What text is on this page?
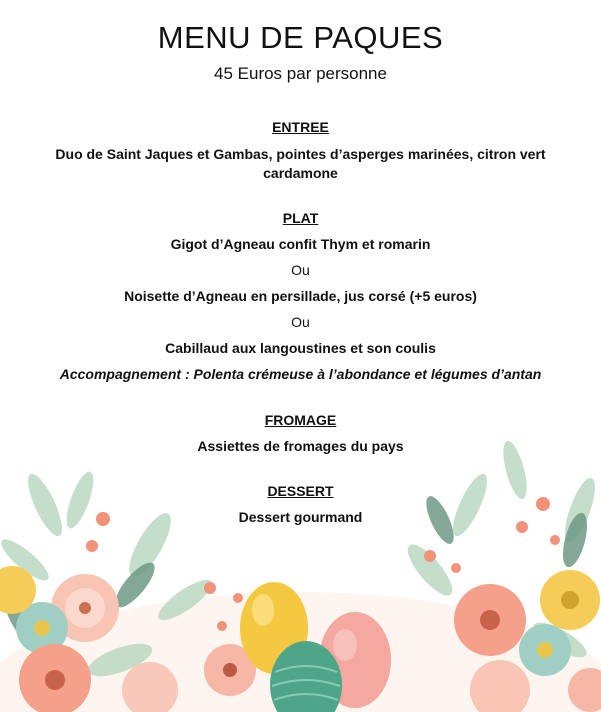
MENU DE PAQUES
45 Euros par personne
ENTREE
Duo de Saint Jaques et Gambas, pointes d’asperges marinées, citron vert
cardamone
PLAT
Gigot d’Agneau confit Thym et romarin
Ou
Noisette d’Agneau en persillade, jus corsé (+5 euros)
Ou
Cabillaud aux langoustines et son coulis
Accompagnement : Polenta crémeuse à l’abondance et légumes d’antan
FROMAGE
Assiettes de fromages du pays
DESSERT
Dessert gourmand
